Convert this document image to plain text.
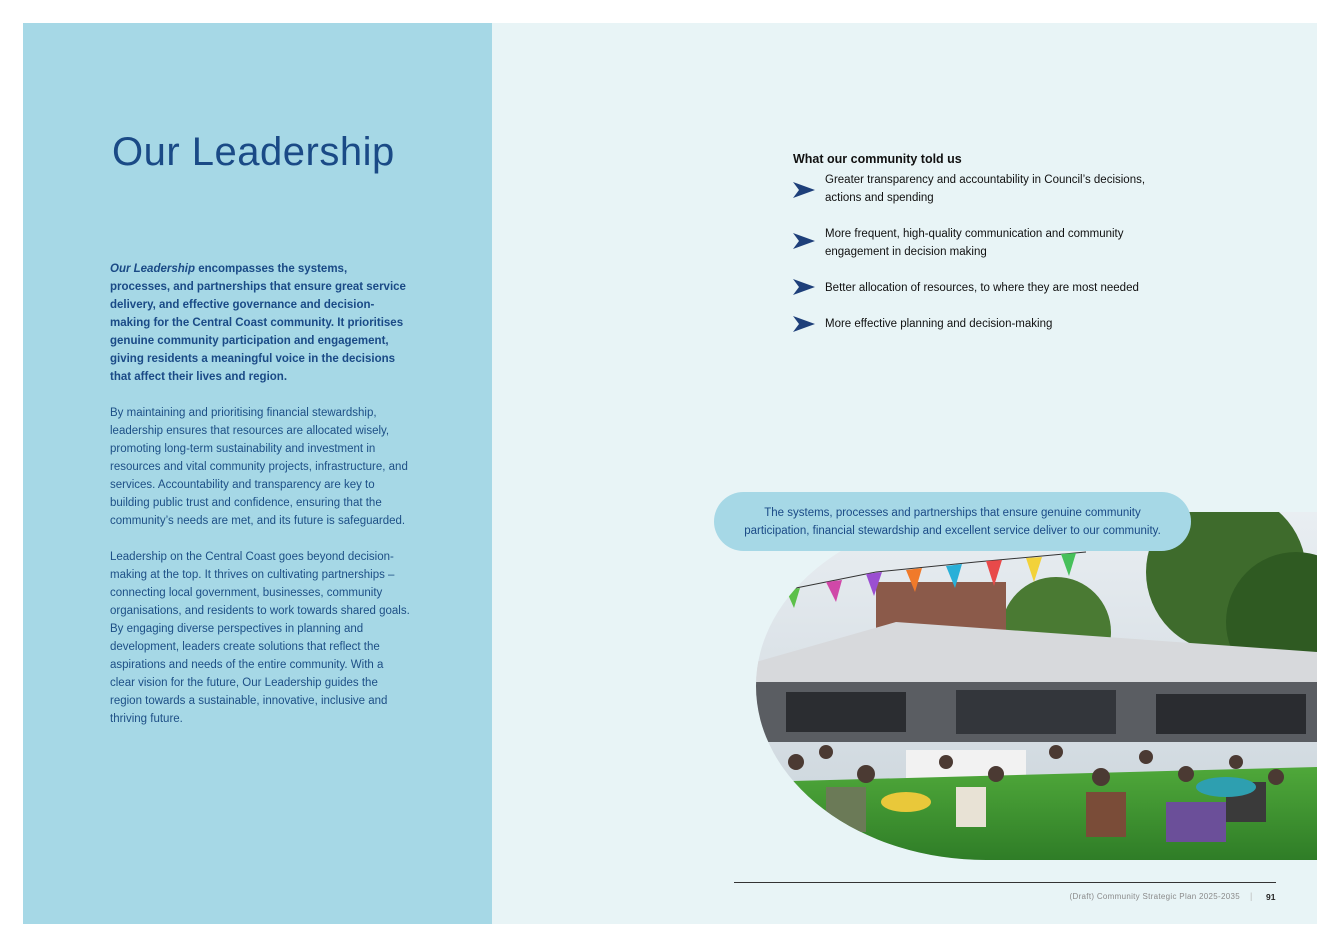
Our Leadership
Our Leadership encompasses the systems, processes, and partnerships that ensure great service delivery, and effective governance and decision-making for the Central Coast community. It prioritises genuine community participation and engagement, giving residents a meaningful voice in the decisions that affect their lives and region.
By maintaining and prioritising financial stewardship, leadership ensures that resources are allocated wisely, promoting long-term sustainability and investment in resources and vital community projects, infrastructure, and services. Accountability and transparency are key to building public trust and confidence, ensuring that the community’s needs are met, and its future is safeguarded.
Leadership on the Central Coast goes beyond decision-making at the top. It thrives on cultivating partnerships – connecting local government, businesses, community organisations, and residents to work towards shared goals. By engaging diverse perspectives in planning and development, leaders create solutions that reflect the aspirations and needs of the entire community. With a clear vision for the future, Our Leadership guides the region towards a sustainable, innovative, inclusive and thriving future.
What our community told us
Greater transparency and accountability in Council’s decisions, actions and spending
More frequent, high-quality communication and community engagement in decision making
Better allocation of resources, to where they are most needed
More effective planning and decision-making
The systems, processes and partnerships that ensure genuine community participation, financial stewardship and excellent service deliver to our community.
(Draft) Community Strategic Plan 2025-2035 | 91
